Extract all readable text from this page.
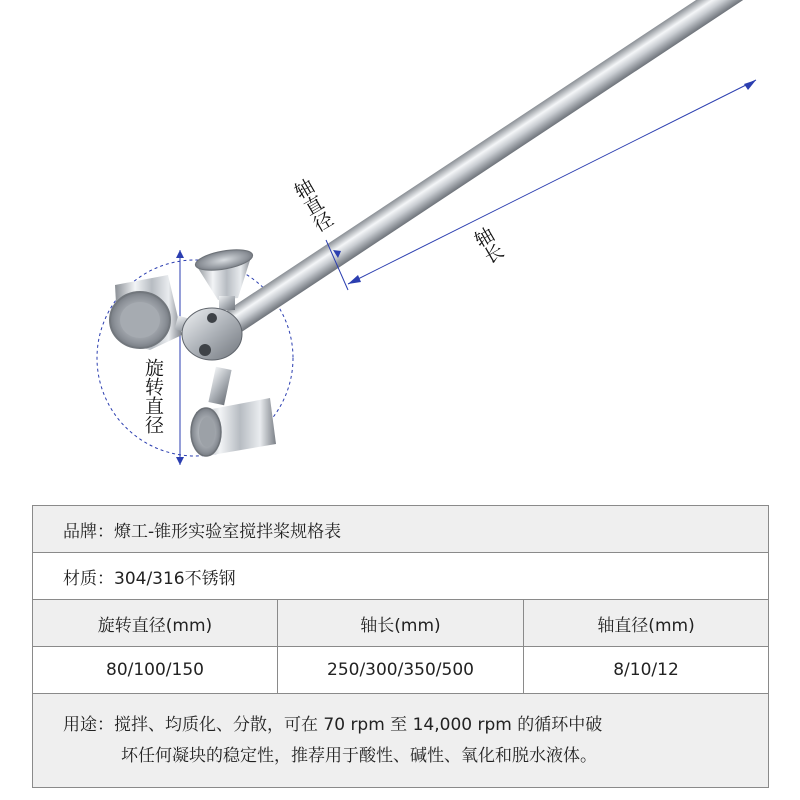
轴直径
轴长
旋转直径
品牌：燎工-锥形实验室搅拌桨规格表		
材质：304/316不锈钢		
旋转直径(mm)	轴长(mm)	轴直径(mm)
80/100/150	250/300/350/500	8/10/12

用途：搅拌、均质化、分散，可在 70 rpm 至 14,000 rpm 的循环中破
坏任何凝块的稳定性，推荐用于酸性、碱性、氧化和脱水液体。		
